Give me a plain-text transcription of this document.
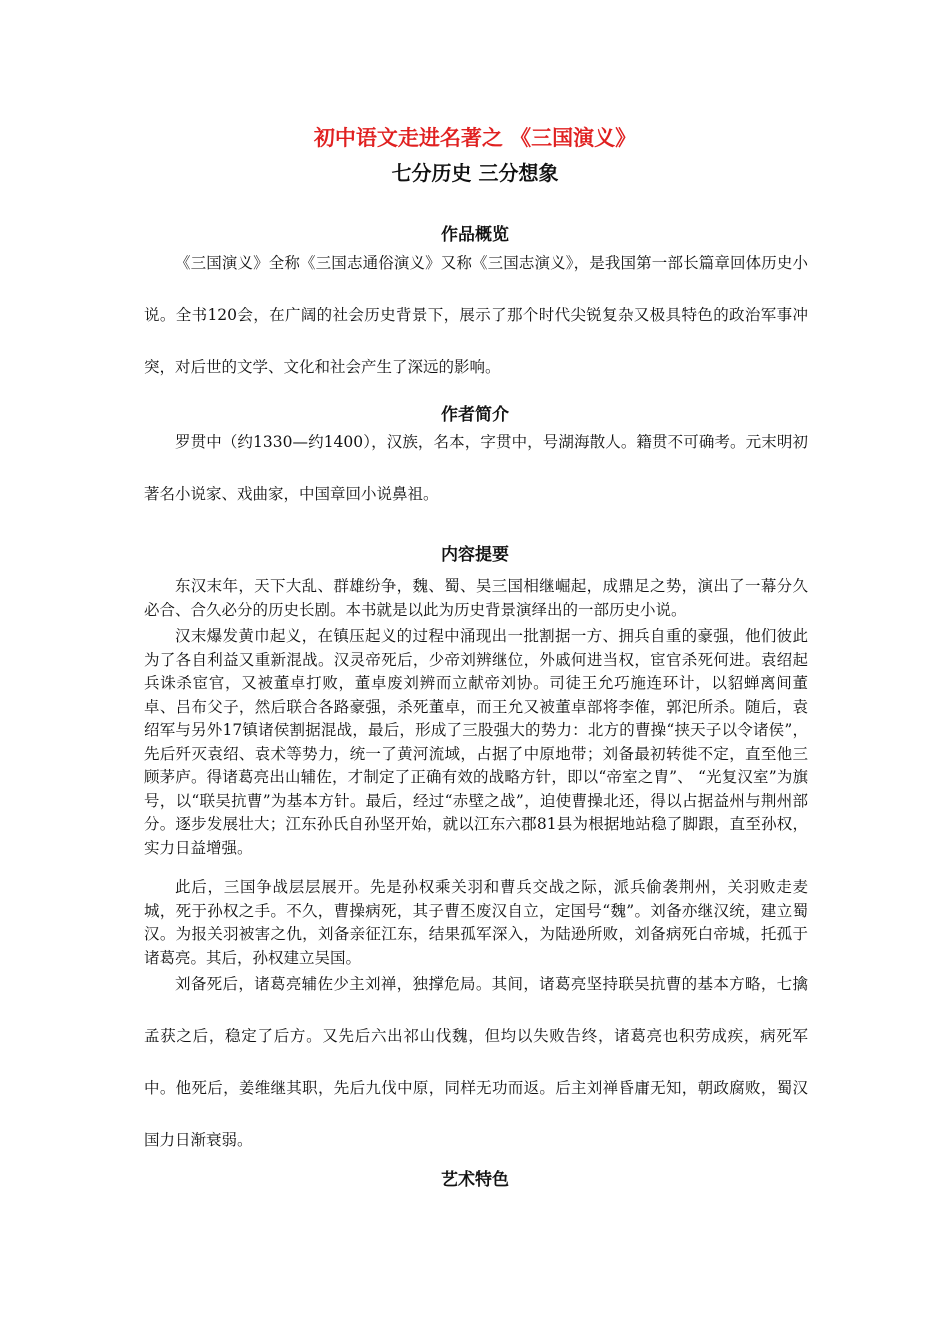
初中语文走进名著之 《三国演义》
七分历史 三分想象
作品概览

《三国演义》全称《三国志通俗演义》又称《三国志演义》，是我国第一部长篇章回体历史小说。全书120会，在广阔的社会历史背景下，展示了那个时代尖锐复杂又极具特色的政治军事冲突，对后世的文学、文化和社会产生了深远的影响。

作者简介

罗贯中（约1330—约1400），汉族，名本，字贯中，号湖海散人。籍贯不可确考。元末明初著名小说家、戏曲家，中国章回小说鼻祖。

内容提要

东汉末年，天下大乱、群雄纷争，魏、蜀、吴三国相继崛起，成鼎足之势，演出了一幕分久必合、合久必分的历史长剧。本书就是以此为历史背景演绎出的一部历史小说。

汉末爆发黄巾起义，在镇压起义的过程中涌现出一批割据一方、拥兵自重的豪强，他们彼此为了各自利益又重新混战。汉灵帝死后，少帝刘辨继位，外戚何进当权，宦官杀死何进。袁绍起兵诛杀宦官，又被董卓打败，董卓废刘辨而立献帝刘协。司徒王允巧施连环计，以貂蝉离间董卓、吕布父子，然后联合各路豪强，杀死董卓，而王允又被董卓部将李傕，郭汜所杀。随后，袁绍军与另外17镇诸侯割据混战，最后，形成了三股强大的势力：北方的曹操“挟天子以令诸侯”，先后歼灭袁绍、袁术等势力，统一了黄河流域，占据了中原地带；刘备最初转徙不定，直至他三顾茅庐。得诸葛亮出山辅佐，才制定了正确有效的战略方针，即以“帝室之胄”、 “光复汉室”为旗号，以“联吴抗曹”为基本方针。最后，经过“赤壁之战”，迫使曹操北还，得以占据益州与荆州部分。逐步发展壮大；江东孙氏自孙坚开始，就以江东六郡81县为根据地站稳了脚跟，直至孙权，实力日益增强。

此后，三国争战层层展开。先是孙权乘关羽和曹兵交战之际，派兵偷袭荆州，关羽败走麦城，死于孙权之手。不久，曹操病死，其子曹丕废汉自立，定国号“魏”。刘备亦继汉统，建立蜀汉。为报关羽被害之仇，刘备亲征江东，结果孤军深入，为陆逊所败，刘备病死白帝城，托孤于诸葛亮。其后，孙权建立吴国。

刘备死后，诸葛亮辅佐少主刘禅，独撑危局。其间，诸葛亮坚持联吴抗曹的基本方略，七擒孟获之后，稳定了后方。又先后六出祁山伐魏，但均以失败告终，诸葛亮也积劳成疾，病死军中。他死后，姜维继其职，先后九伐中原，同样无功而返。后主刘禅昏庸无知，朝政腐败，蜀汉国力日渐衰弱。

艺术特色
